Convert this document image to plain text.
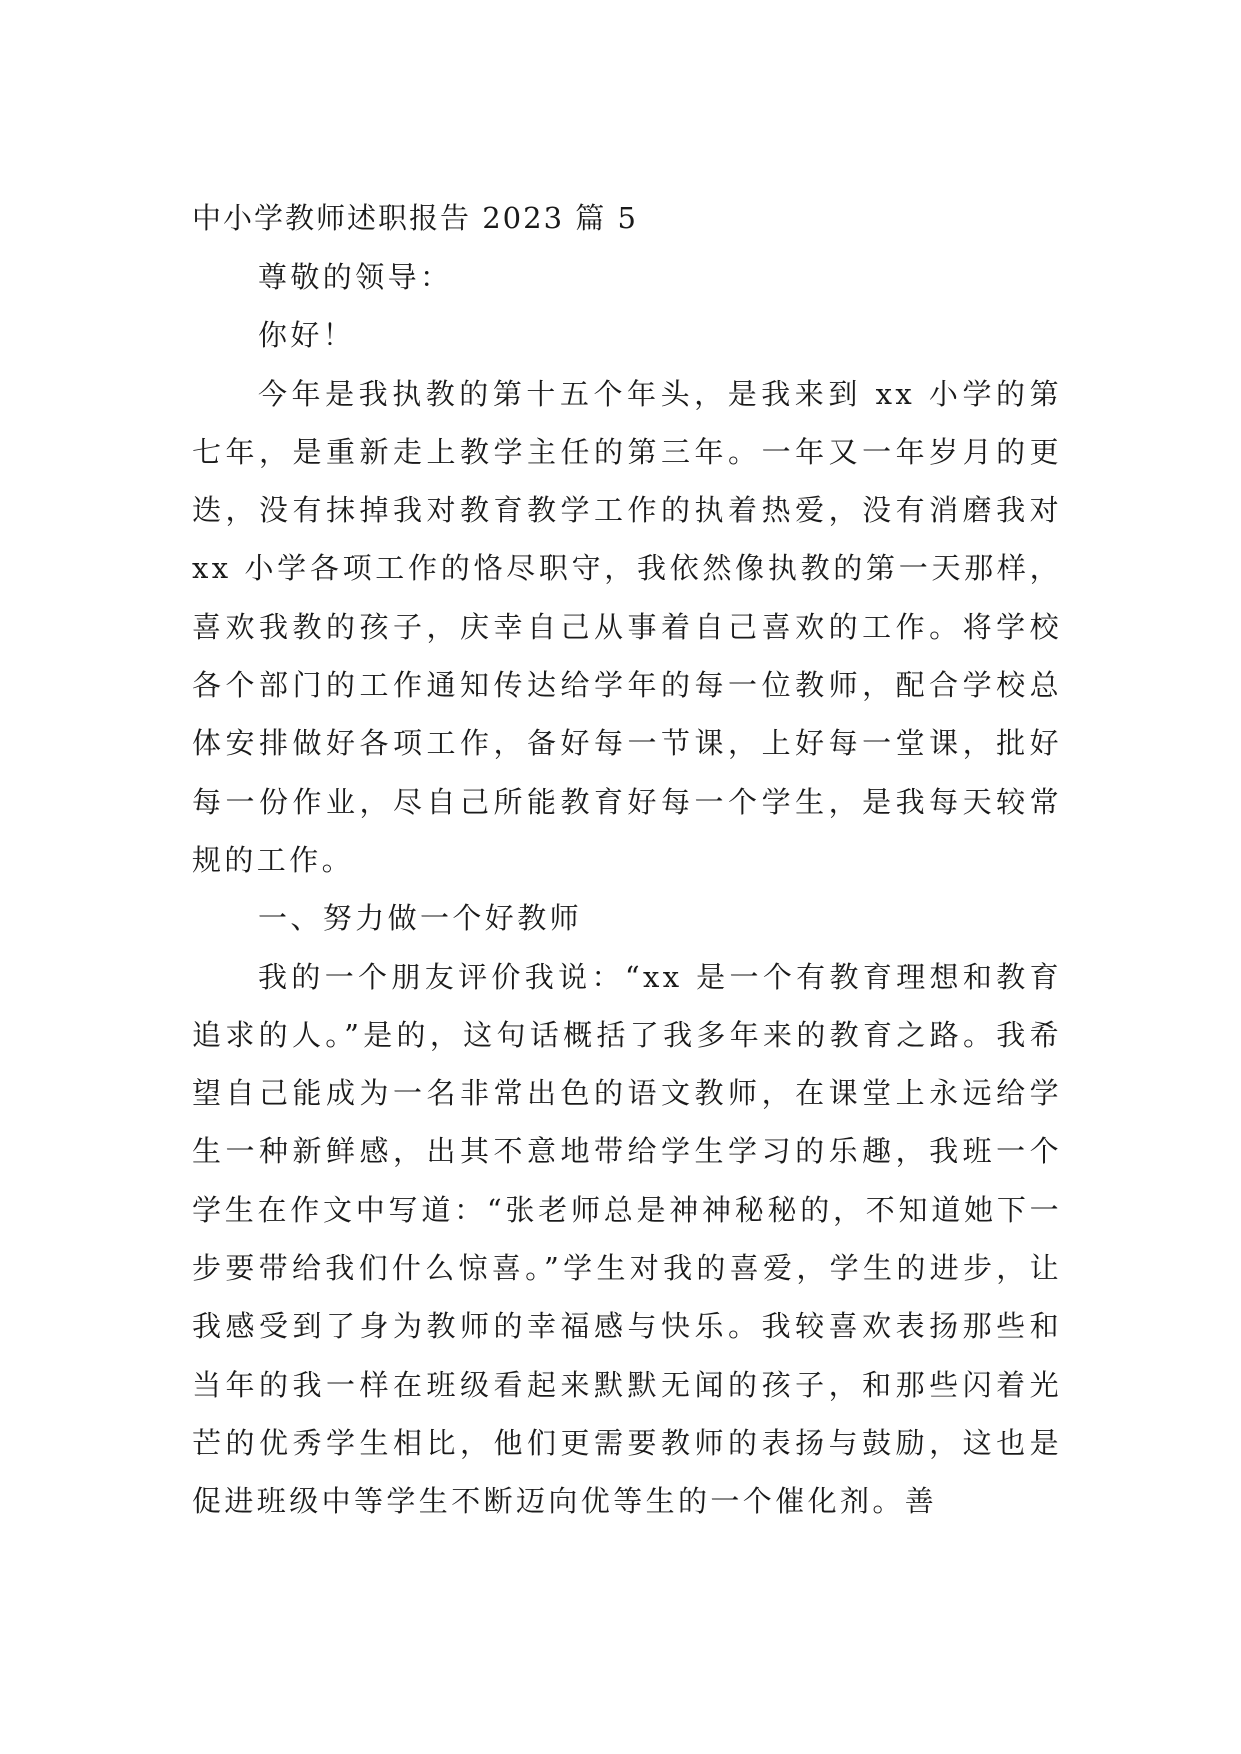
中小学教师述职报告 2023 篇 5

尊敬的领导：

你好！

今年是我执教的第十五个年头，是我来到 xx 小学的第七年，是重新走上教学主任的第三年。一年又一年岁月的更迭，没有抹掉我对教育教学工作的执着热爱，没有消磨我对 xx 小学各项工作的恪尽职守，我依然像执教的第一天那样，喜欢我教的孩子，庆幸自己从事着自己喜欢的工作。将学校各个部门的工作通知传达给学年的每一位教师，配合学校总体安排做好各项工作，备好每一节课，上好每一堂课，批好每一份作业，尽自己所能教育好每一个学生，是我每天较常规的工作。

一、努力做一个好教师

我的一个朋友评价我说：“xx 是一个有教育理想和教育追求的人。”是的，这句话概括了我多年来的教育之路。我希望自己能成为一名非常出色的语文教师，在课堂上永远给学生一种新鲜感，出其不意地带给学生学习的乐趣，我班一个学生在作文中写道：“张老师总是神神秘秘的，不知道她下一步要带给我们什么惊喜。”学生对我的喜爱，学生的进步，让我感受到了身为教师的幸福感与快乐。我较喜欢表扬那些和当年的我一样在班级看起来默默无闻的孩子，和那些闪着光芒的优秀学生相比，他们更需要教师的表扬与鼓励，这也是促进班级中等学生不断迈向优等生的一个催化剂。善
